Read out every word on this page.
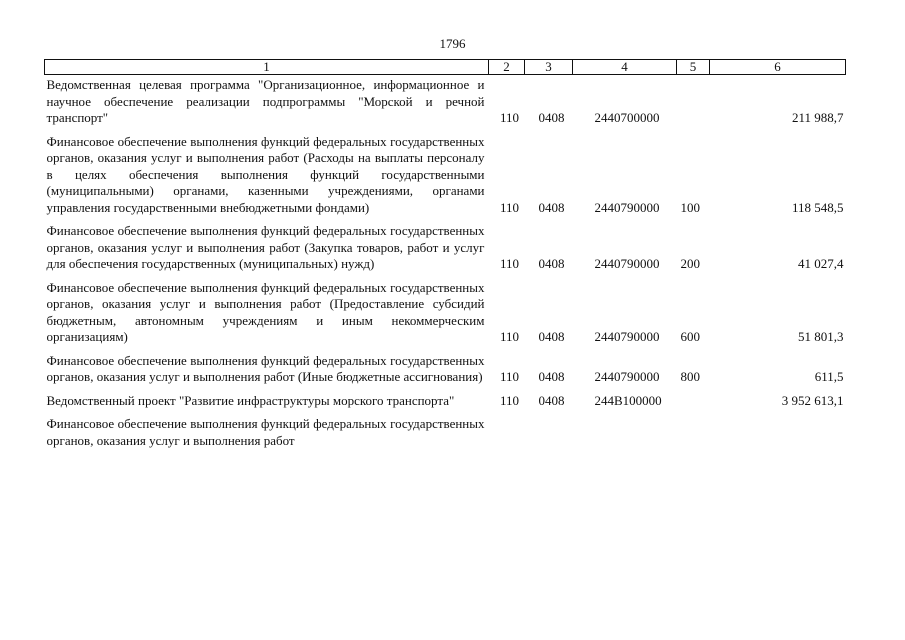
1796
1	2	3	4	5	6
Ведомственная целевая программа "Организационное, информационное и научное обеспечение реализации подпрограммы "Морской и речной транспорт"	110	0408	2440700000		211 988,7
Финансовое обеспечение выполнения функций федеральных государственных органов, оказания услуг и выполнения работ (Расходы на выплаты персоналу в целях обеспечения выполнения функций государственными (муниципальными) органами, казенными учреждениями, органами управления государственными внебюджетными фондами)	110	0408	2440790000	100	118 548,5
Финансовое обеспечение выполнения функций федеральных государственных органов, оказания услуг и выполнения работ (Закупка товаров, работ и услуг для обеспечения государственных (муниципальных) нужд)	110	0408	2440790000	200	41 027,4
Финансовое обеспечение выполнения функций федеральных государственных органов, оказания услуг и выполнения работ (Предоставление субсидий бюджетным, автономным учреждениям и иным некоммерческим организациям)	110	0408	2440790000	600	51 801,3
Финансовое обеспечение выполнения функций федеральных государственных органов, оказания услуг и выполнения работ (Иные бюджетные ассигнования)	110	0408	2440790000	800	611,5
Ведомственный проект "Развитие инфраструктуры морского транспорта"	110	0408	244В100000		3 952 613,1
Финансовое обеспечение выполнения функций федеральных государственных органов, оказания услуг и выполнения работ					
